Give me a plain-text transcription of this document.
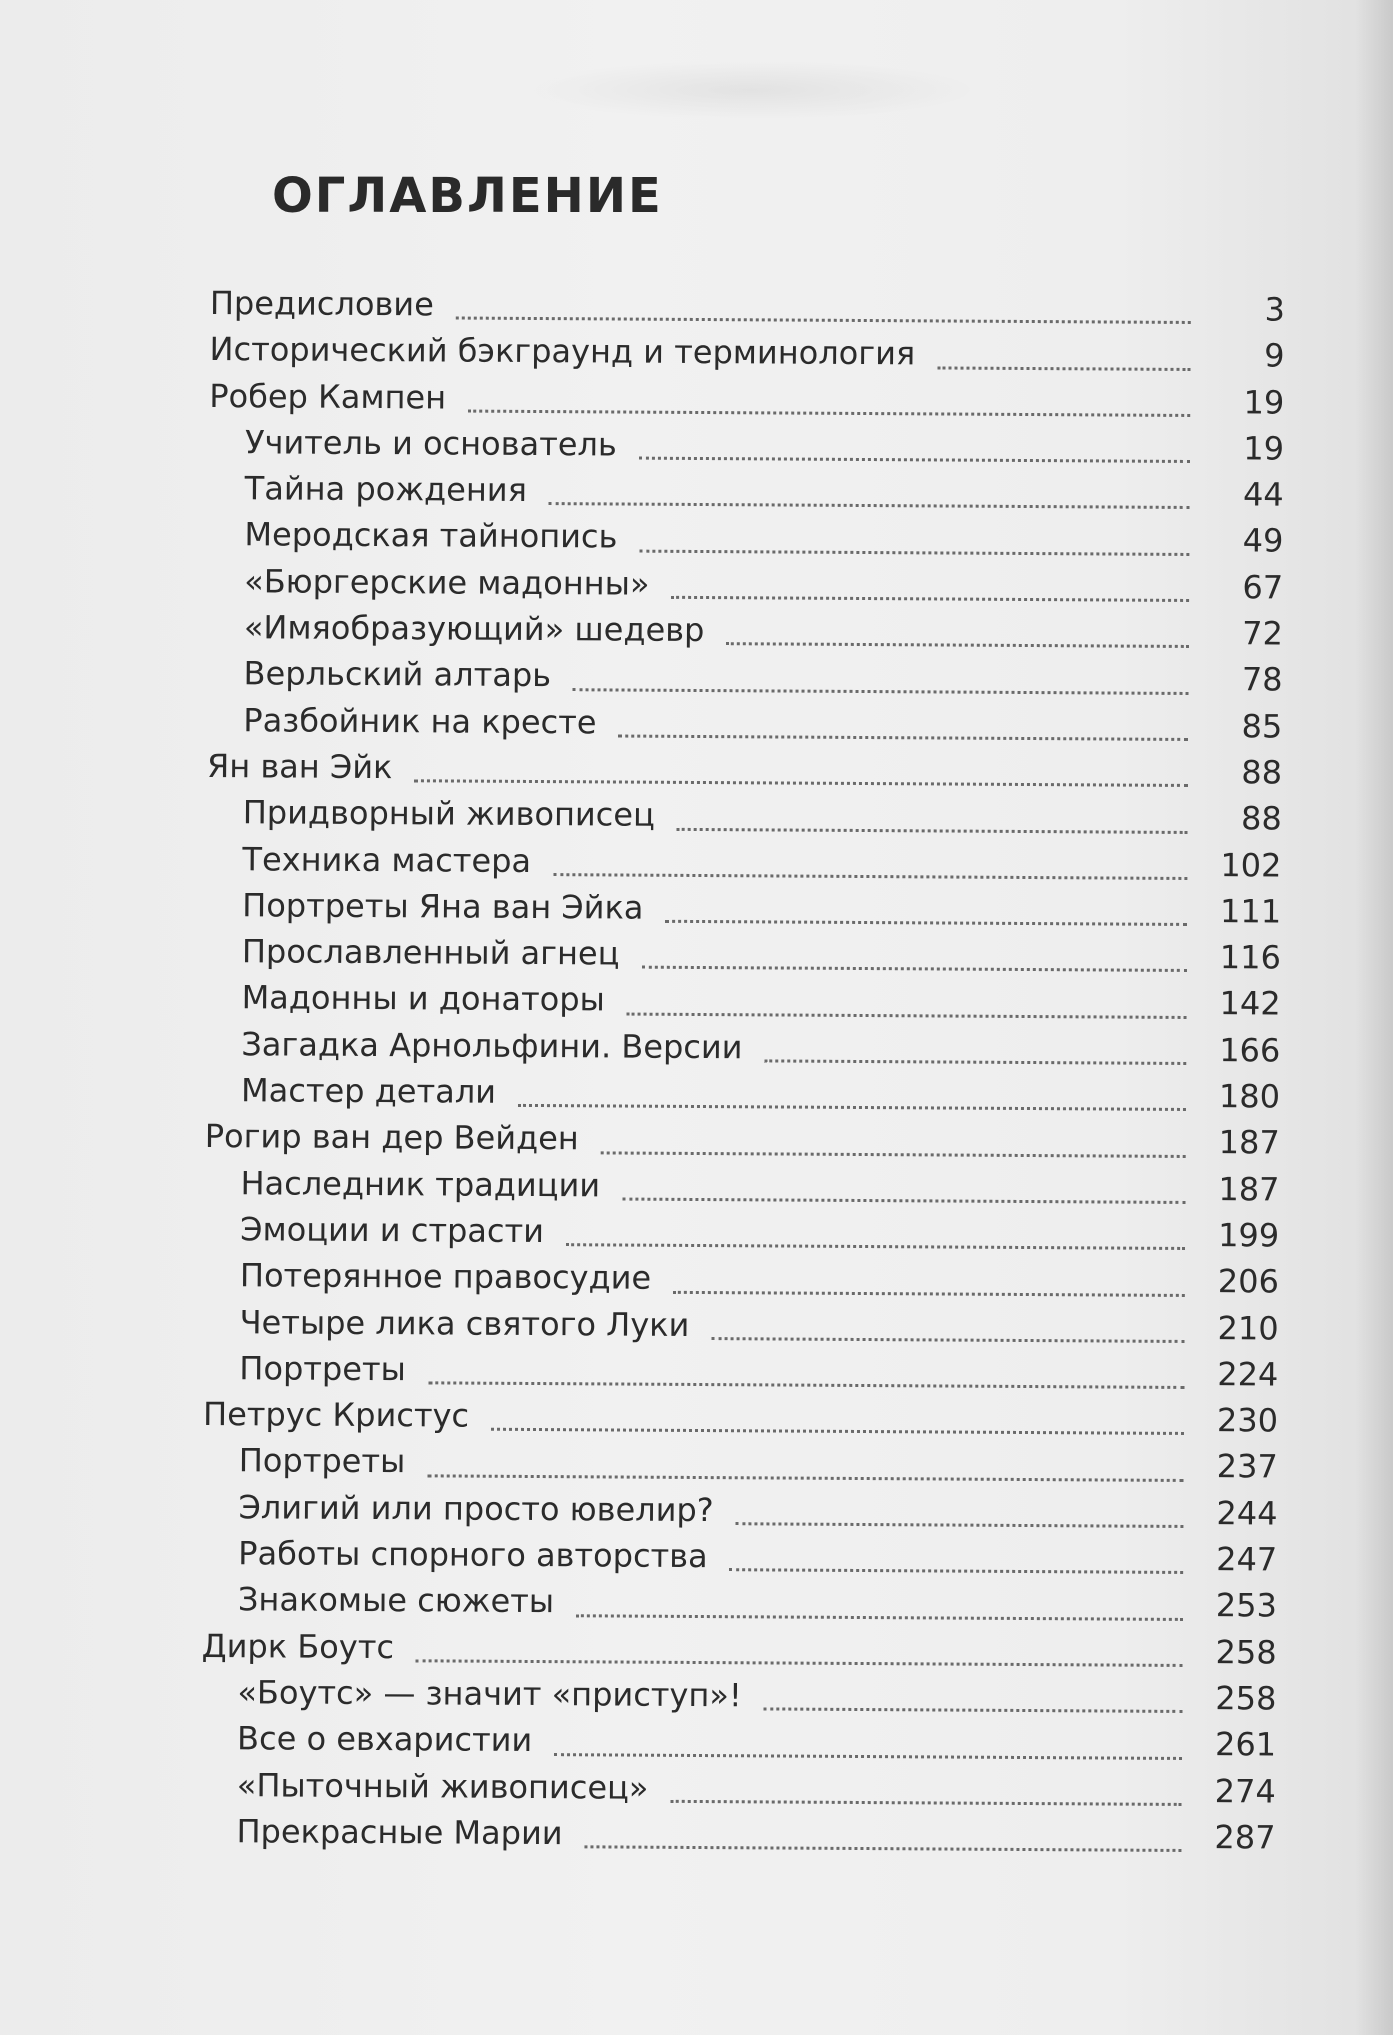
ОГЛАВЛЕНИЕ
Предисловие	3
Исторический бэкграунд и терминология	9
Робер Кампен	19
Учитель и основатель	19
Тайна рождения	44
Меродская тайнопись	49
«Бюргерские мадонны»	67
«Имяобразующий» шедевр	72
Верльский алтарь	78
Разбойник на кресте	85
Ян ван Эйк	88
Придворный живописец	88
Техника мастера	102
Портреты Яна ван Эйка	111
Прославленный агнец	116
Мадонны и донаторы	142
Загадка Арнольфини. Версии	166
Мастер детали	180
Рогир ван дер Вейден	187
Наследник традиции	187
Эмоции и страсти	199
Потерянное правосудие	206
Четыре лика святого Луки	210
Портреты	224
Петрус Кристус	230
Портреты	237
Элигий или просто ювелир?	244
Работы спорного авторства	247
Знакомые сюжеты	253
Дирк Боутс	258
«Боутс» — значит «приступ»!	258
Все о евхаристии	261
«Пыточный живописец»	274
Прекрасные Марии	287
